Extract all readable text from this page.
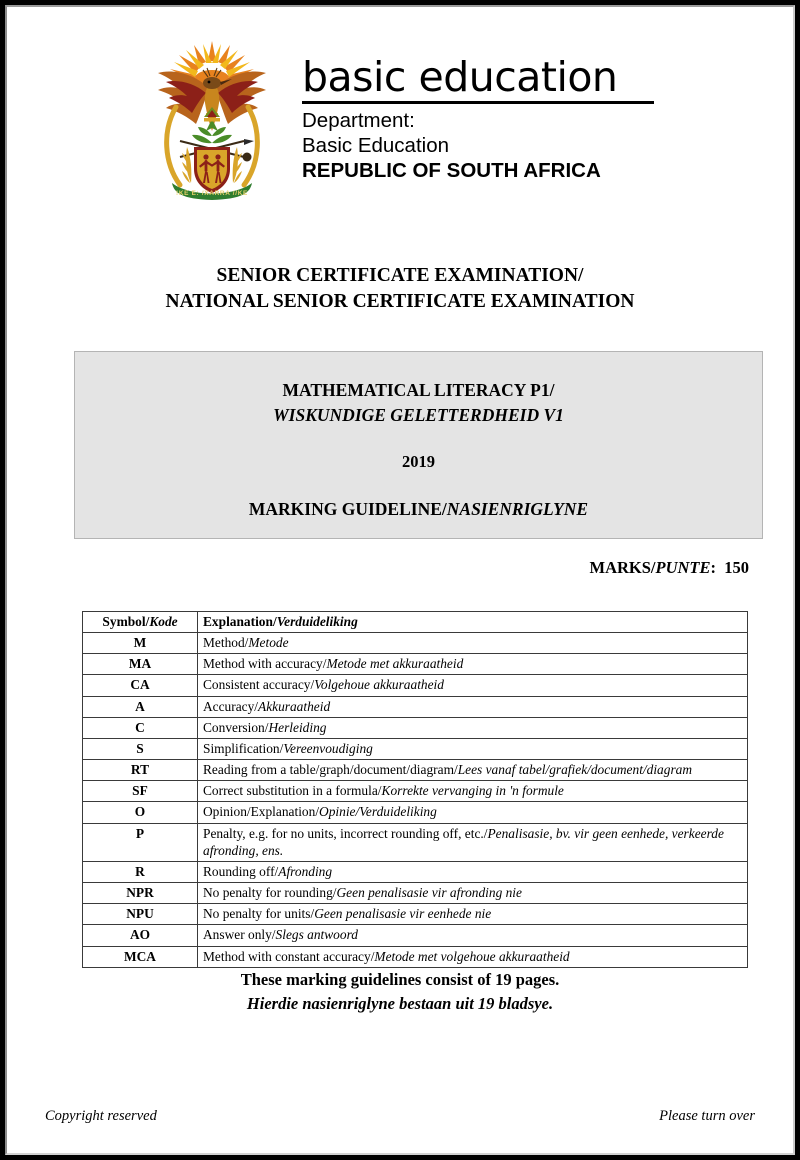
!KE E: /XARRA //KE
basic education
Department:
Basic Education
REPUBLIC OF SOUTH AFRICA
SENIOR CERTIFICATE EXAMINATION/
NATIONAL SENIOR CERTIFICATE EXAMINATION
MATHEMATICAL LITERACY P1/
WISKUNDIGE GELETTERDHEID V1
2019
MARKING GUIDELINE/NASIENRIGLYNE
MARKS/PUNTE: 150
Symbol/Kode	Explanation/Verduideliking
M	Method/Metode
MA	Method with accuracy/Metode met akkuraatheid
CA	Consistent accuracy/Volgehoue akkuraatheid
A	Accuracy/Akkuraatheid
C	Conversion/Herleiding
S	Simplification/Vereenvoudiging
RT	Reading from a table/graph/document/diagram/Lees vanaf tabel/grafiek/document/diagram
SF	Correct substitution in a formula/Korrekte vervanging in 'n formule
O	Opinion/Explanation/Opinie/Verduideliking
P	Penalty, e.g. for no units, incorrect rounding off, etc./Penalisasie, bv. vir geen eenhede, verkeerde afronding, ens.
R	Rounding off/Afronding
NPR	No penalty for rounding/Geen penalisasie vir afronding nie
NPU	No penalty for units/Geen penalisasie vir eenhede nie
AO	Answer only/Slegs antwoord
MCA	Method with constant accuracy/Metode met volgehoue akkuraatheid
These marking guidelines consist of 19 pages.
Hierdie nasienriglyne bestaan uit 19 bladsye.
Copyright reserved	Please turn over
